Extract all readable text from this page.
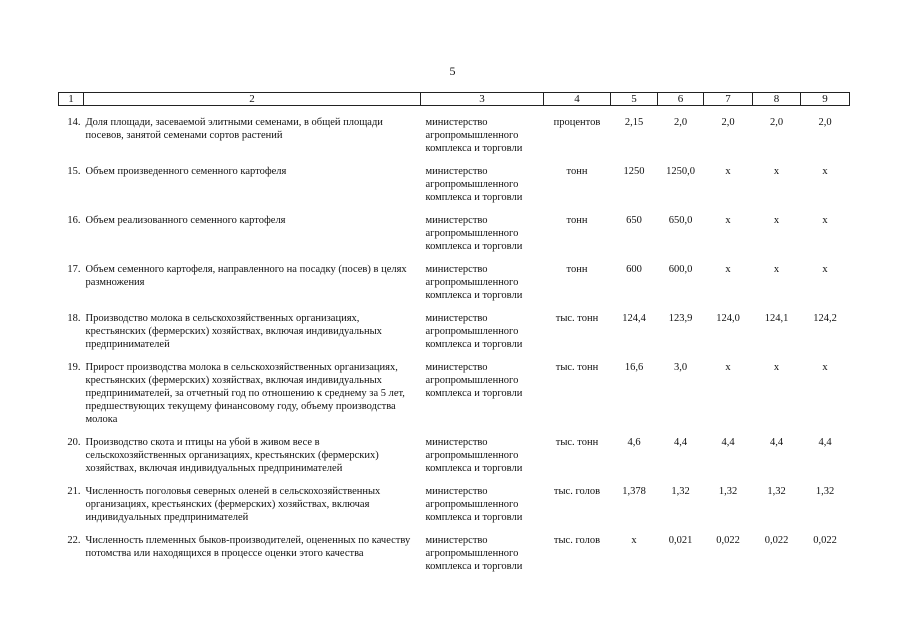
5
1	2	3	4	5	6	7	8	9
14.	Доля площади, засеваемой элитными семенами, в общей площади посевов, занятой семенами сортов растений	министерство агропромышленного комплекса и торговли	процентов	2,15	2,0	2,0	2,0	2,0
15.	Объем произведенного семенного картофеля	министерство агропромышленного комплекса и торговли	тонн	1250	1250,0	x	x	x
16.	Объем реализованного семенного картофеля	министерство агропромышленного комплекса и торговли	тонн	650	650,0	x	x	x
17.	Объем семенного картофеля, направленного на посадку (посев) в целях размножения	министерство агропромышленного комплекса и торговли	тонн	600	600,0	x	x	x
18.	Производство молока в сельскохозяйственных организациях, крестьянских (фермерских) хозяйствах, включая индивидуальных предпринимателей	министерство агропромышленного комплекса и торговли	тыс. тонн	124,4	123,9	124,0	124,1	124,2
19.	Прирост производства молока в сельскохозяйственных организациях, крестьянских (фермерских) хозяйствах, включая индивидуальных предпринимателей, за отчетный год по отношению к среднему за 5 лет, предшествующих текущему финансовому году, объему производства молока	министерство агропромышленного комплекса и торговли	тыс. тонн	16,6	3,0	x	x	x
20.	Производство скота и птицы на убой в живом весе в сельскохозяйственных организациях, крестьянских (фермерских) хозяйствах, включая индивидуальных предпринимателей	министерство агропромышленного комплекса и торговли	тыс. тонн	4,6	4,4	4,4	4,4	4,4
21.	Численность поголовья северных оленей в сельскохозяйственных организациях, крестьянских (фермерских) хозяйствах, включая индивидуальных предпринимателей	министерство агропромышленного комплекса и торговли	тыс. голов	1,378	1,32	1,32	1,32	1,32
22.	Численность племенных быков-производителей, оцененных по качеству потомства или находящихся в процессе оценки этого качества	министерство агропромышленного комплекса и торговли	тыс. голов	x	0,021	0,022	0,022	0,022
